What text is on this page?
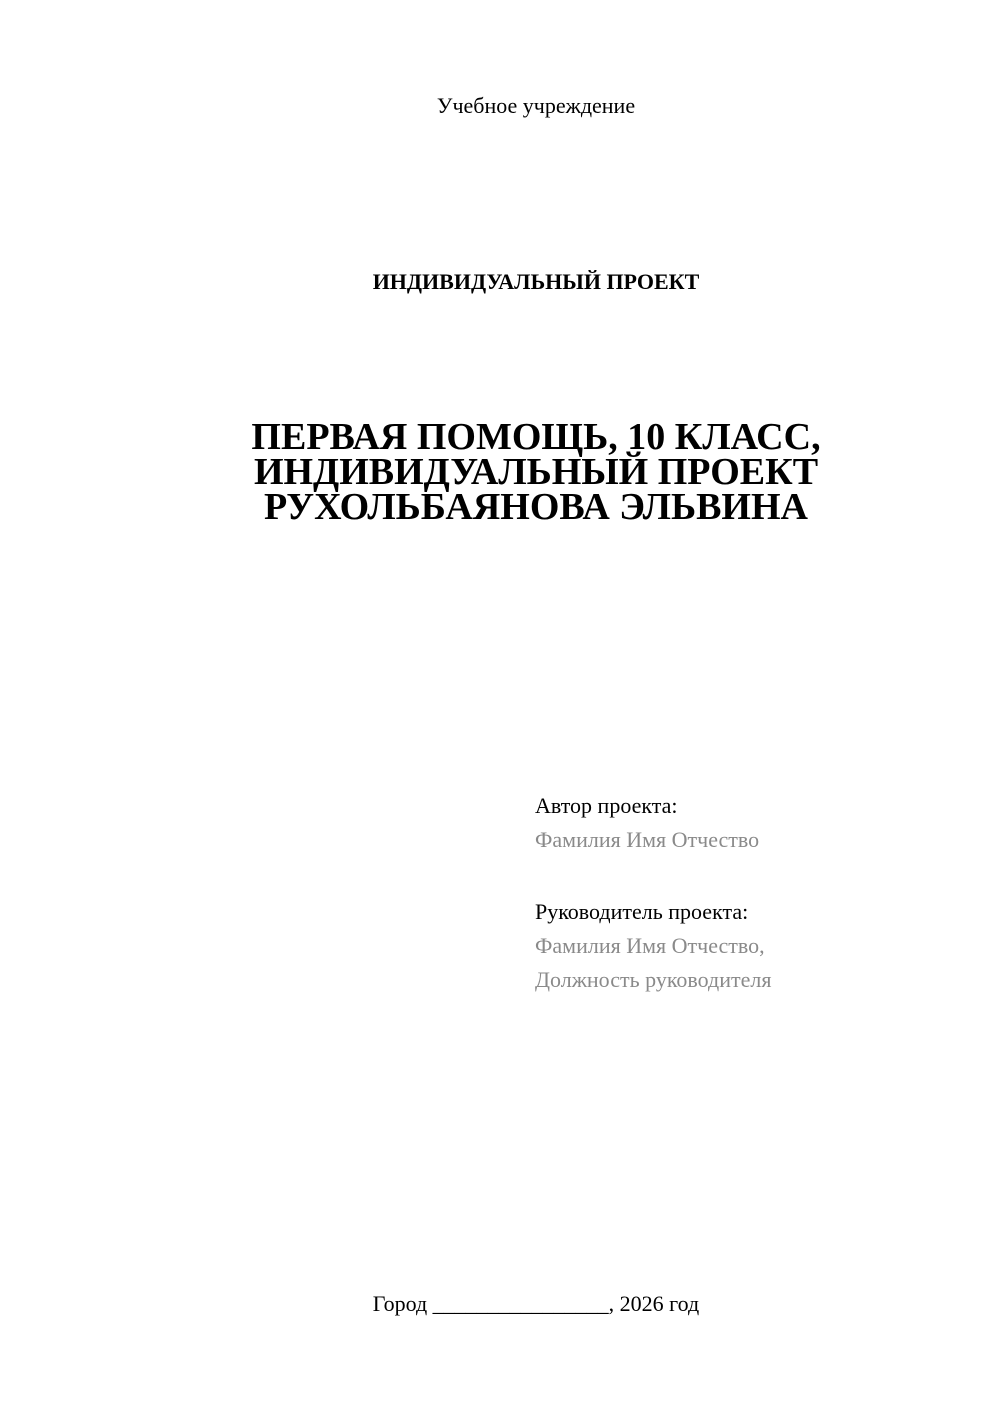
Учебное учреждение
ИНДИВИДУАЛЬНЫЙ ПРОЕКТ
ПЕРВАЯ ПОМОЩЬ, 10 КЛАСС,
ИНДИВИДУАЛЬНЫЙ ПРОЕКТ
РУХОЛЬБАЯНОВА ЭЛЬВИНА
Автор проекта:
Фамилия Имя Отчество
Руководитель проекта:
Фамилия Имя Отчество,
Должность руководителя
Город ________________, 2026 год
